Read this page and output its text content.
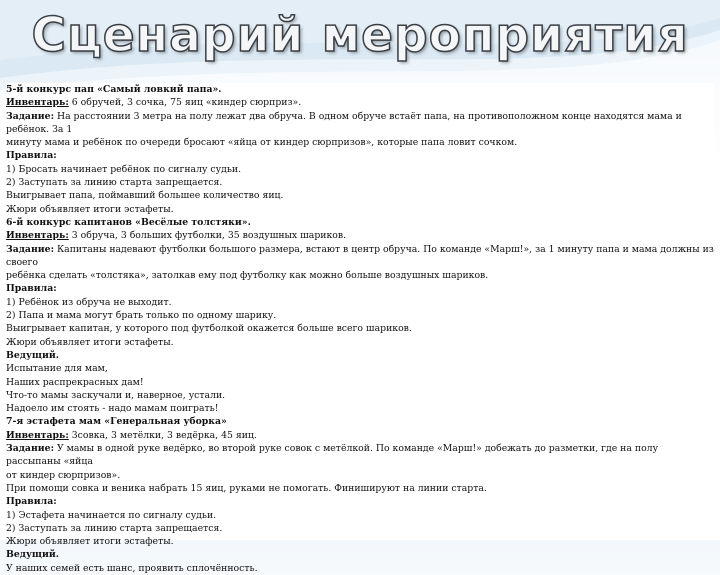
Сценарий мероприятия

5-й конкурс пап «Самый ловкий папа».

Инвентарь: 6 обручей, 3 сочка, 75 яиц «киндер сюрприз».

Задание: На расстоянии 3 метра на полу лежат два обруча. В одном обруче встаёт папа, на противоположном конце находятся мама и ребёнок. За 1

минуту мама и ребёнок по очереди бросают «яйца от киндер сюрпризов», которые папа ловит сочком.

Правила:

1) Бросать начинает ребёнок по сигналу судьи.

2) Заступать за линию старта запрещается.

Выигрывает папа, поймавший большее количество яиц.

Жюри объявляет итоги эстафеты.

6-й конкурс капитанов «Весёлые толстяки».

Инвентарь: 3 обруча, 3 больших футболки, 35 воздушных шариков.

Задание: Капитаны надевают футболки большого размера, встают в центр обруча. По команде «Марш!», за 1 минуту папа и мама должны из своего

ребёнка сделать «толстяка», затолкав ему под футболку как можно больше воздушных шариков.

Правила:

1) Ребёнок из обруча не выходит.

2) Папа и мама могут брать только по одному шарику.

Выигрывает капитан, у которого под футболкой окажется больше всего шариков.

Жюри объявляет итоги эстафеты.

Ведущий.

Испытание для мам,

Наших распрекрасных дам!

Что-то мамы заскучали и, наверное, устали.

Надоело им стоять - надо мамам поиграть!

7-я эстафета мам «Генеральная уборка»

Инвентарь: 3совка, 3 метёлки, 3 ведёрка, 45 яиц.

Задание: У мамы в одной руке ведёрко, во второй руке совок с метёлкой. По команде «Марш!» добежать до разметки, где на полу рассыпаны «яйца

от киндер сюрпризов».

При помощи совка и веника набрать 15 яиц, руками не помогать. Финишируют на линии старта.

Правила:

1) Эстафета начинается по сигналу судьи.

2) Заступать за линию старта запрещается.

Жюри объявляет итоги эстафеты.

Ведущий.

У наших семей есть шанс, проявить сплочённость.
